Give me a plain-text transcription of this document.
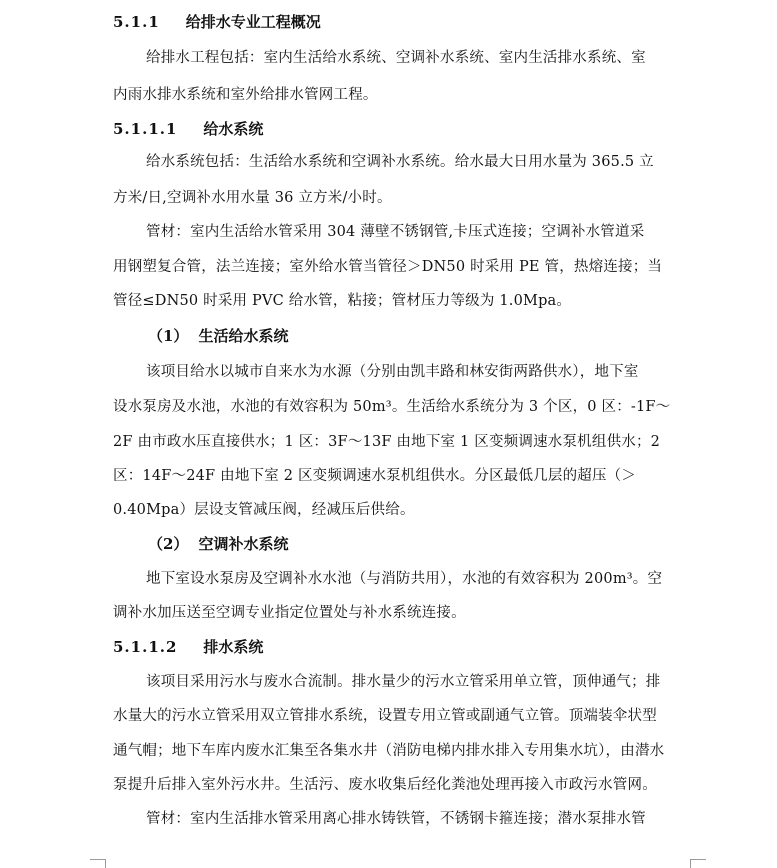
5.1.1 给排水专业工程概况
给排水工程包括：室内生活给水系统、空调补水系统、室内生活排水系统、室
内雨水排水系统和室外给排水管网工程。
5.1.1.1 给水系统
给水系统包括：生活给水系统和空调补水系统。给水最大日用水量为 365.5 立
方米/日,空调补水用水量 36 立方米/小时。
管材：室内生活给水管采用 304 薄壁不锈钢管,卡压式连接；空调补水管道采
用钢塑复合管，法兰连接；室外给水管当管径＞DN50 时采用 PE 管，热熔连接；当
管径≤DN50 时采用 PVC 给水管，粘接；管材压力等级为 1.0Mpa。
（1） 生活给水系统
该项目给水以城市自来水为水源（分别由凯丰路和林安街两路供水），地下室
设水泵房及水池，水池的有效容积为 50m³。生活给水系统分为 3 个区，0 区：-1F～
2F 由市政水压直接供水；1 区：3F～13F 由地下室 1 区变频调速水泵机组供水；2
区：14F～24F 由地下室 2 区变频调速水泵机组供水。分区最低几层的超压（＞
0.40Mpa）层设支管减压阀，经减压后供给。
（2） 空调补水系统
地下室设水泵房及空调补水水池（与消防共用），水池的有效容积为 200m³。空
调补水加压送至空调专业指定位置处与补水系统连接。
5.1.1.2 排水系统
该项目采用污水与废水合流制。排水量少的污水立管采用单立管，顶伸通气；排
水量大的污水立管采用双立管排水系统，设置专用立管或副通气立管。顶端装伞状型
通气帽；地下车库内废水汇集至各集水井（消防电梯内排水排入专用集水坑），由潜水
泵提升后排入室外污水井。生活污、废水收集后经化粪池处理再接入市政污水管网。
管材：室内生活排水管采用离心排水铸铁管，不锈钢卡箍连接；潜水泵排水管
